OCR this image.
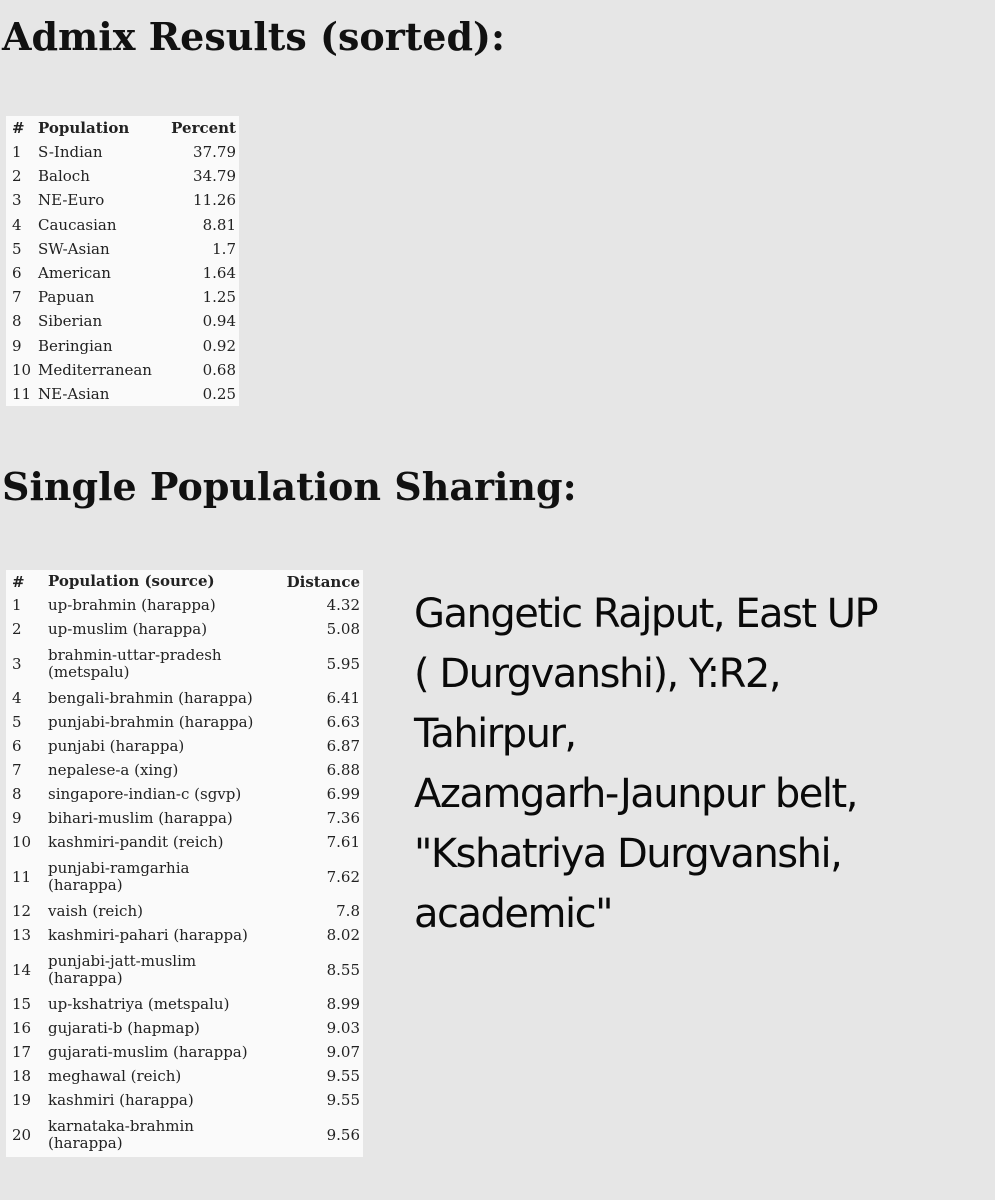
Admix Results (sorted):
#	Population	Percent
1	S-Indian	37.79
2	Baloch	34.79
3	NE-Euro	11.26
4	Caucasian	8.81
5	SW-Asian	1.7
6	American	1.64
7	Papuan	1.25
8	Siberian	0.94
9	Beringian	0.92
10	Mediterranean	0.68
11	NE-Asian	0.25
Single Population Sharing:
#	Population (source)	Distance
1	up-brahmin (harappa)	4.32
2	up-muslim (harappa)	5.08
3	brahmin-uttar-pradesh
(metspalu)	5.95
4	bengali-brahmin (harappa)	6.41
5	punjabi-brahmin (harappa)	6.63
6	punjabi (harappa)	6.87
7	nepalese-a (xing)	6.88
8	singapore-indian-c (sgvp)	6.99
9	bihari-muslim (harappa)	7.36
10	kashmiri-pandit (reich)	7.61
11	punjabi-ramgarhia
(harappa)	7.62
12	vaish (reich)	7.8
13	kashmiri-pahari (harappa)	8.02
14	punjabi-jatt-muslim
(harappa)	8.55
15	up-kshatriya (metspalu)	8.99
16	gujarati-b (hapmap)	9.03
17	gujarati-muslim (harappa)	9.07
18	meghawal (reich)	9.55
19	kashmiri (harappa)	9.55
20	karnataka-brahmin
(harappa)	9.56
Gangetic Rajput, East UP
( Durgvanshi), Y:R2,
Tahirpur,
Azamgarh-Jaunpur belt,
"Kshatriya Durgvanshi,
academic"
